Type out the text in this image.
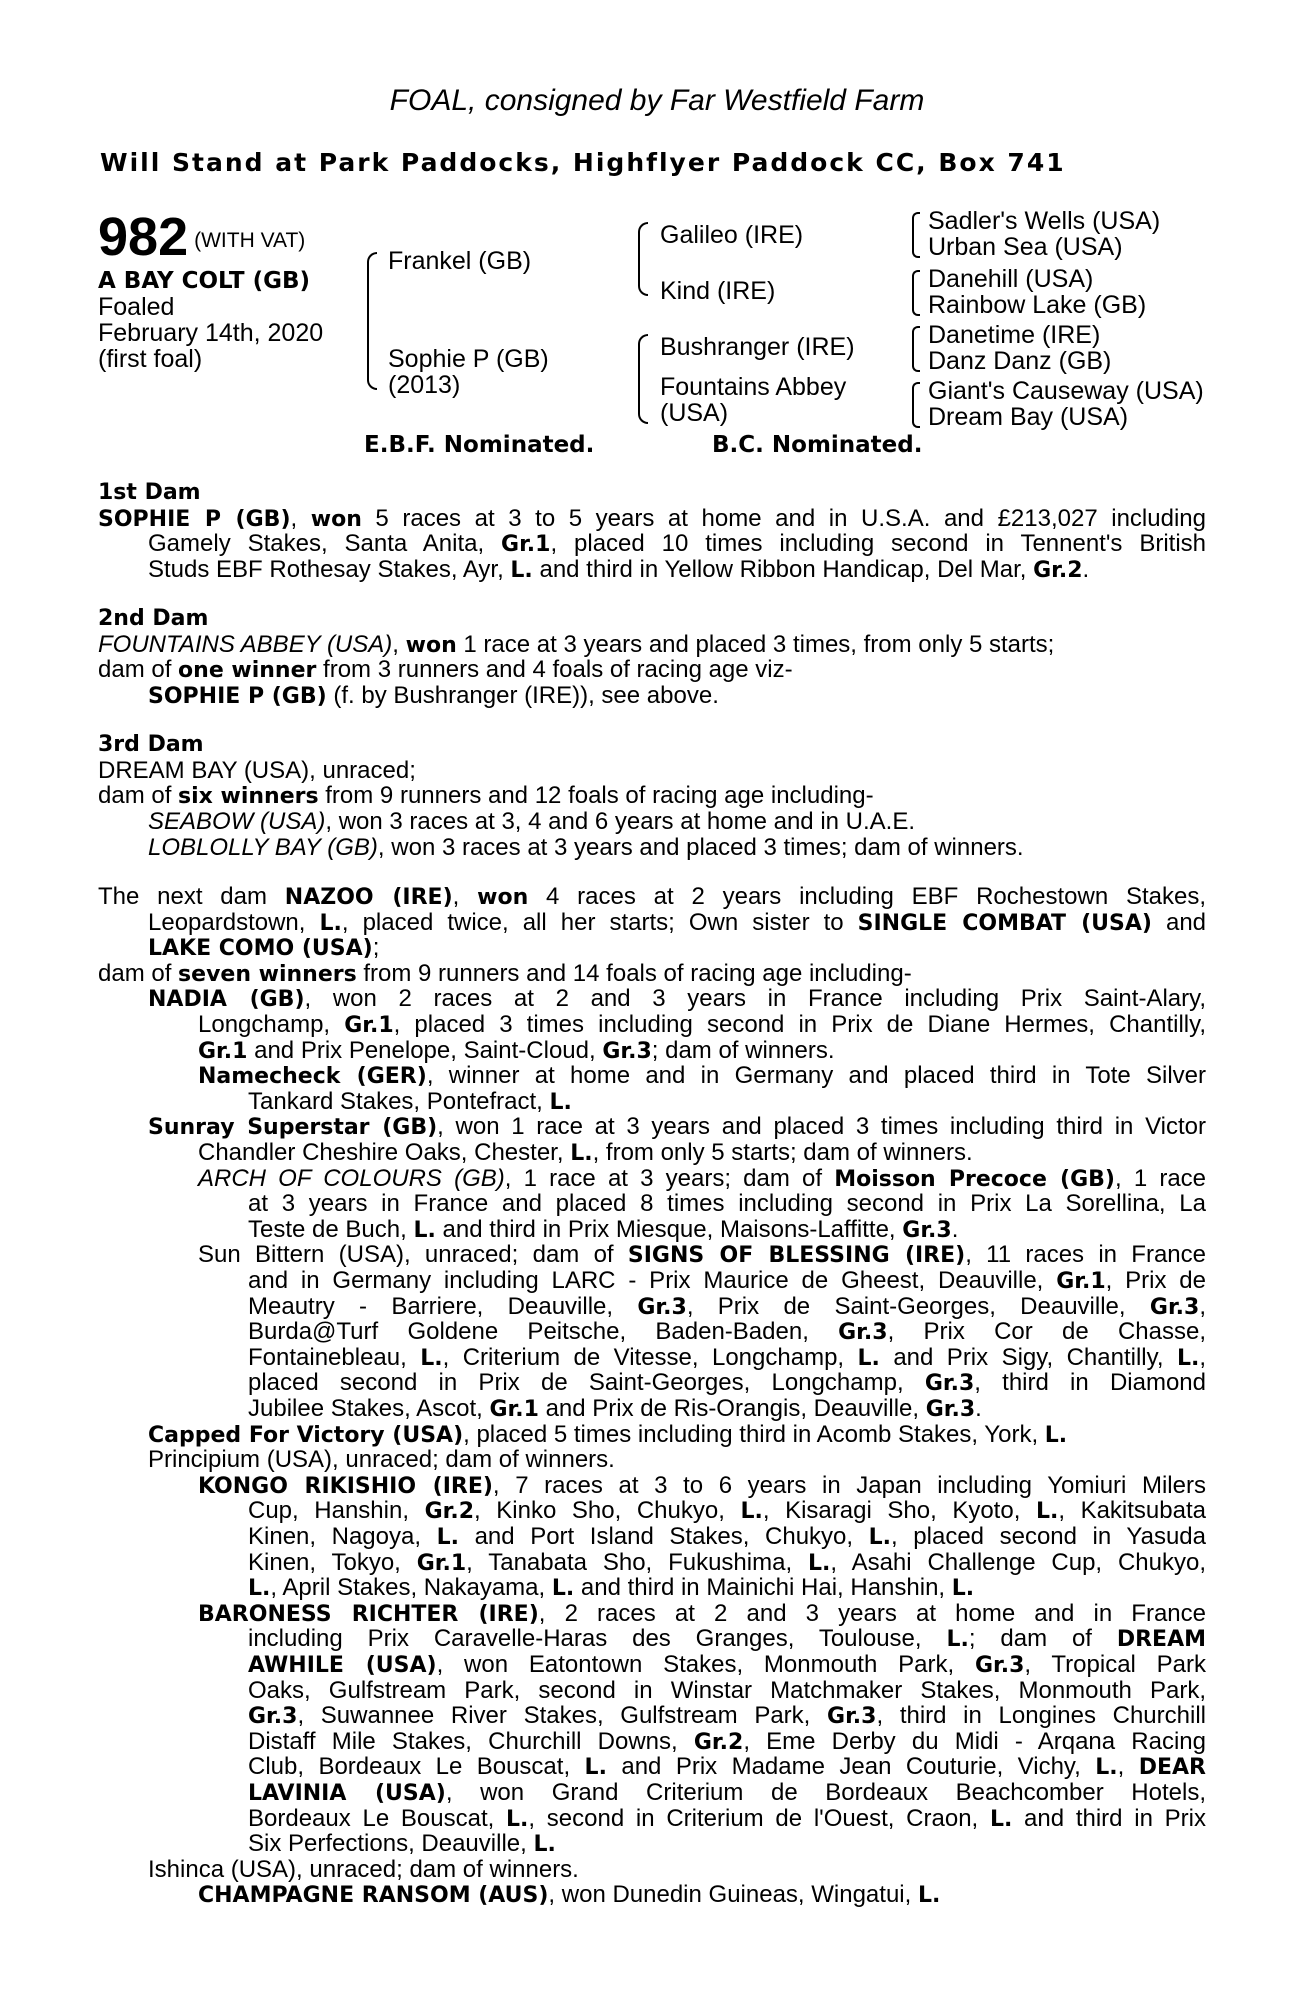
FOAL, consigned by Far Westfield Farm
Will Stand at Park Paddocks, Highflyer Paddock CC, Box 741
982 (WITH VAT)
A BAY COLT (GB)
Foaled
February 14th, 2020
(first foal)
Frankel (GB)
Sophie P (GB)
(2013)
Galileo (IRE)
Kind (IRE)
Bushranger (IRE)
Fountains Abbey
(USA)
Sadler's Wells (USA)
Urban Sea (USA)
Danehill (USA)
Rainbow Lake (GB)
Danetime (IRE)
Danz Danz (GB)
Giant's Causeway (USA)
Dream Bay (USA)
E.B.F. Nominated.	B.C. Nominated.
1st Dam
SOPHIE P (GB), won 5 races at 3 to 5 years at home and in U.S.A. and £213,027 including
Gamely Stakes, Santa Anita, Gr.1, placed 10 times including second in Tennent's British
Studs EBF Rothesay Stakes, Ayr, L. and third in Yellow Ribbon Handicap, Del Mar, Gr.2.
2nd Dam
FOUNTAINS ABBEY (USA), won 1 race at 3 years and placed 3 times, from only 5 starts;
dam of one winner from 3 runners and 4 foals of racing age viz-
SOPHIE P (GB) (f. by Bushranger (IRE)), see above.
3rd Dam
DREAM BAY (USA), unraced;
dam of six winners from 9 runners and 12 foals of racing age including-
SEABOW (USA), won 3 races at 3, 4 and 6 years at home and in U.A.E.
LOBLOLLY BAY (GB), won 3 races at 3 years and placed 3 times; dam of winners.
The next dam NAZOO (IRE), won 4 races at 2 years including EBF Rochestown Stakes,
Leopardstown, L., placed twice, all her starts; Own sister to SINGLE COMBAT (USA) and
LAKE COMO (USA);
dam of seven winners from 9 runners and 14 foals of racing age including-
NADIA (GB), won 2 races at 2 and 3 years in France including Prix Saint-Alary,
Longchamp, Gr.1, placed 3 times including second in Prix de Diane Hermes, Chantilly,
Gr.1 and Prix Penelope, Saint-Cloud, Gr.3; dam of winners.
Namecheck (GER), winner at home and in Germany and placed third in Tote Silver
Tankard Stakes, Pontefract, L.
Sunray Superstar (GB), won 1 race at 3 years and placed 3 times including third in Victor
Chandler Cheshire Oaks, Chester, L., from only 5 starts; dam of winners.
ARCH OF COLOURS (GB), 1 race at 3 years; dam of Moisson Precoce (GB), 1 race
at 3 years in France and placed 8 times including second in Prix La Sorellina, La
Teste de Buch, L. and third in Prix Miesque, Maisons-Laffitte, Gr.3.
Sun Bittern (USA), unraced; dam of SIGNS OF BLESSING (IRE), 11 races in France
and in Germany including LARC - Prix Maurice de Gheest, Deauville, Gr.1, Prix de
Meautry - Barriere, Deauville, Gr.3, Prix de Saint-Georges, Deauville, Gr.3,
Burda@Turf Goldene Peitsche, Baden-Baden, Gr.3, Prix Cor de Chasse,
Fontainebleau, L., Criterium de Vitesse, Longchamp, L. and Prix Sigy, Chantilly, L.,
placed second in Prix de Saint-Georges, Longchamp, Gr.3, third in Diamond
Jubilee Stakes, Ascot, Gr.1 and Prix de Ris-Orangis, Deauville, Gr.3.
Capped For Victory (USA), placed 5 times including third in Acomb Stakes, York, L.
Principium (USA), unraced; dam of winners.
KONGO RIKISHIO (IRE), 7 races at 3 to 6 years in Japan including Yomiuri Milers
Cup, Hanshin, Gr.2, Kinko Sho, Chukyo, L., Kisaragi Sho, Kyoto, L., Kakitsubata
Kinen, Nagoya, L. and Port Island Stakes, Chukyo, L., placed second in Yasuda
Kinen, Tokyo, Gr.1, Tanabata Sho, Fukushima, L., Asahi Challenge Cup, Chukyo,
L., April Stakes, Nakayama, L. and third in Mainichi Hai, Hanshin, L.
BARONESS RICHTER (IRE), 2 races at 2 and 3 years at home and in France
including Prix Caravelle-Haras des Granges, Toulouse, L.; dam of DREAM
AWHILE (USA), won Eatontown Stakes, Monmouth Park, Gr.3, Tropical Park
Oaks, Gulfstream Park, second in Winstar Matchmaker Stakes, Monmouth Park,
Gr.3, Suwannee River Stakes, Gulfstream Park, Gr.3, third in Longines Churchill
Distaff Mile Stakes, Churchill Downs, Gr.2, Eme Derby du Midi - Arqana Racing
Club, Bordeaux Le Bouscat, L. and Prix Madame Jean Couturie, Vichy, L., DEAR
LAVINIA (USA), won Grand Criterium de Bordeaux Beachcomber Hotels,
Bordeaux Le Bouscat, L., second in Criterium de l'Ouest, Craon, L. and third in Prix
Six Perfections, Deauville, L.
Ishinca (USA), unraced; dam of winners.
CHAMPAGNE RANSOM (AUS), won Dunedin Guineas, Wingatui, L.
